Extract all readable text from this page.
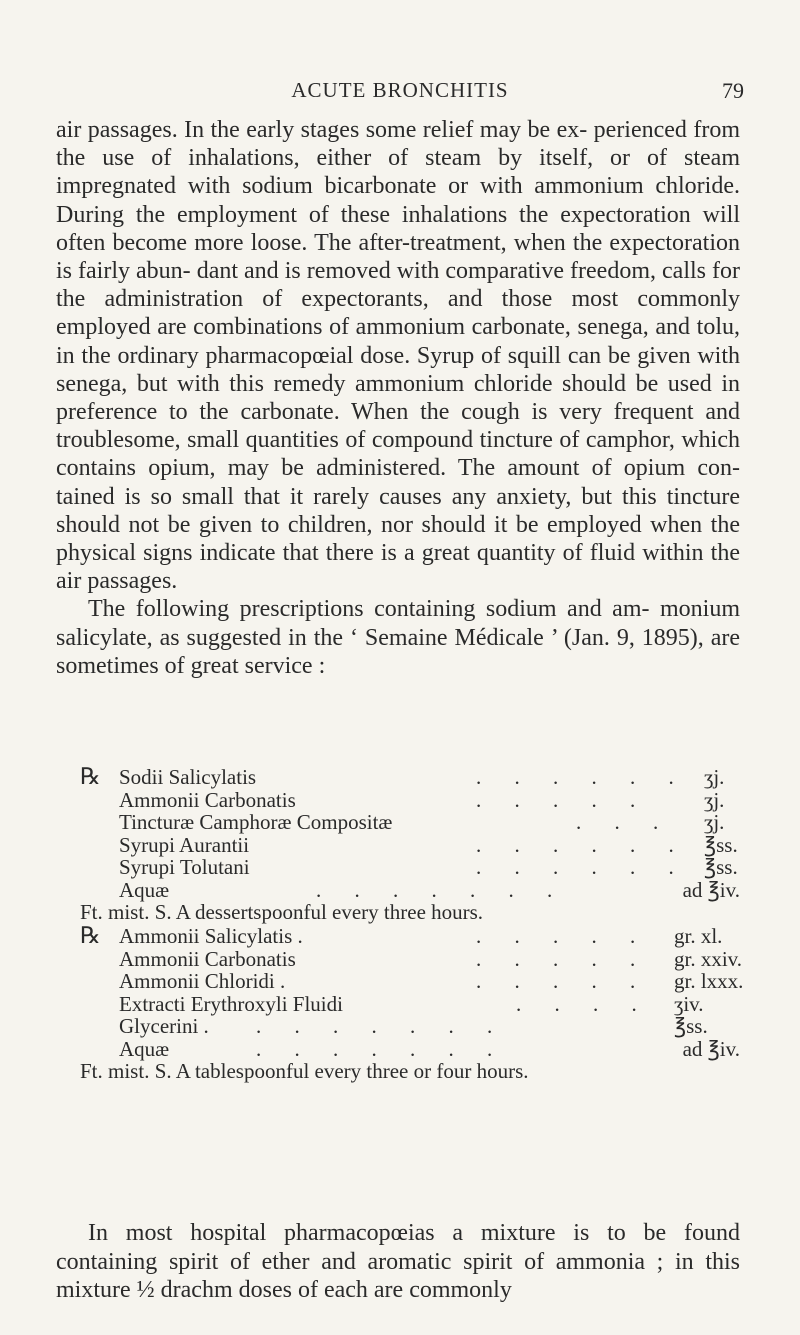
ACUTE BRONCHITIS	79

air passages. In the early stages some relief may be ex- perienced from the use of inhalations, either of steam by itself, or of steam impregnated with sodium bicarbonate or with ammonium chloride. During the employment of these inhalations the expectoration will often become more loose. The after-treatment, when the expectoration is fairly abun- dant and is removed with comparative freedom, calls for the administration of expectorants, and those most commonly employed are combinations of ammonium carbonate, senega, and tolu, in the ordinary pharmacopœial dose. Syrup of squill can be given with senega, but with this remedy ammonium chloride should be used in preference to the carbonate. When the cough is very frequent and troublesome, small quantities of compound tincture of camphor, which contains opium, may be administered. The amount of opium con- tained is so small that it rarely causes any anxiety, but this tincture should not be given to children, nor should it be employed when the physical signs indicate that there is a great quantity of fluid within the air passages.

The following prescriptions containing sodium and am- monium salicylate, as suggested in the ‘ Semaine Médicale ’ (Jan. 9, 1895), are sometimes of great service :

℞ Sodii Salicylatis	. . . . . . ʒj.
Ammonii Carbonatis	. . . . .	ʒj.
Tincturæ Camphoræ Compositæ	. . . ʒj.
Syrupi Aurantii	. . . . . . ℥ss.
Syrupi Tolutani	. . . . . . ℥ss.
Aquæ	. . . . . . .	ad ℥iv.
Ft. mist. S. A dessertspoonful every three hours.
℞ Ammonii Salicylatis .	. . . . . gr. xl.
Ammonii Carbonatis	. . . . . gr. xxiv.
Ammonii Chloridi .	. . . . . gr. lxxx.
Extracti Erythroxyli Fluidi	. . . . ʒiv.
Glycerini . . . . . . . .	℥ss.
Aquæ	. . . . . . .	ad ℥iv.
Ft. mist. S. A tablespoonful every three or four hours.

In most hospital pharmacopœias a mixture is to be found containing spirit of ether and aromatic spirit of ammonia ; in this mixture ½ drachm doses of each are commonly
